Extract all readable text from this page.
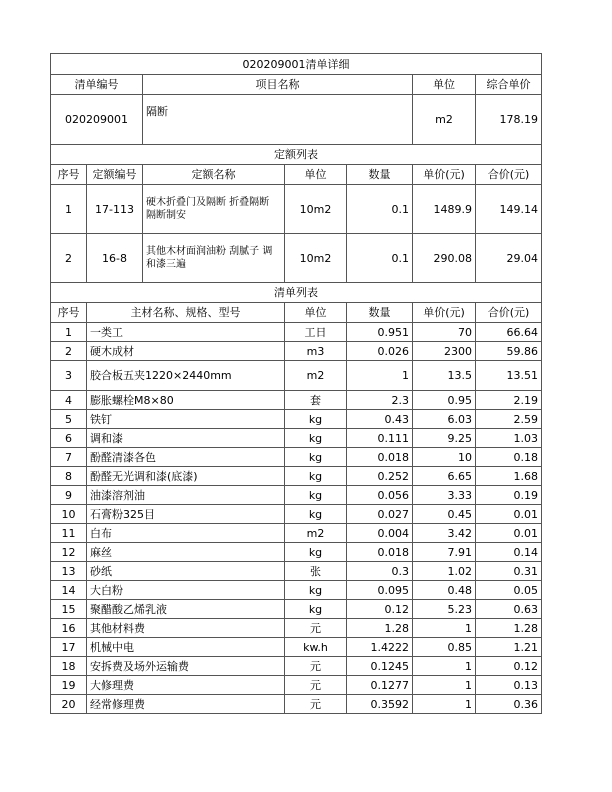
020209001清单详细						
清单编号		项目名称			单位	综合单价
020209001		隔断			m2	178.19
定额列表						
序号	定额编号	定额名称	单位	数量	单价(元)	合价(元)
1	17-113	硬木折叠门及隔断 折叠隔断 隔断制安	10m2	0.1	1489.9	149.14
2	16-8	其他木材面润油粉 刮腻子 调和漆三遍	10m2	0.1	290.08	29.04
清单列表						
序号	主材名称、规格、型号		单位	数量	单价(元)	合价(元)
1	一类工		工日	0.951	70	66.64
2	硬木成材		m3	0.026	2300	59.86
3	胶合板五夹1220×2440mm		m2	1	13.5	13.51
4	膨胀螺栓M8×80		套	2.3	0.95	2.19
5	铁钉		kg	0.43	6.03	2.59
6	调和漆		kg	0.111	9.25	1.03
7	酚醛清漆各色		kg	0.018	10	0.18
8	酚醛无光调和漆(底漆)		kg	0.252	6.65	1.68
9	油漆溶剂油		kg	0.056	3.33	0.19
10	石膏粉325目		kg	0.027	0.45	0.01
11	白布		m2	0.004	3.42	0.01
12	麻丝		kg	0.018	7.91	0.14
13	砂纸		张	0.3	1.02	0.31
14	大白粉		kg	0.095	0.48	0.05
15	聚醋酸乙烯乳液		kg	0.12	5.23	0.63
16	其他材料费		元	1.28	1	1.28
17	机械中电		kw.h	1.4222	0.85	1.21
18	安拆费及场外运输费		元	0.1245	1	0.12
19	大修理费		元	0.1277	1	0.13
20	经常修理费		元	0.3592	1	0.36
